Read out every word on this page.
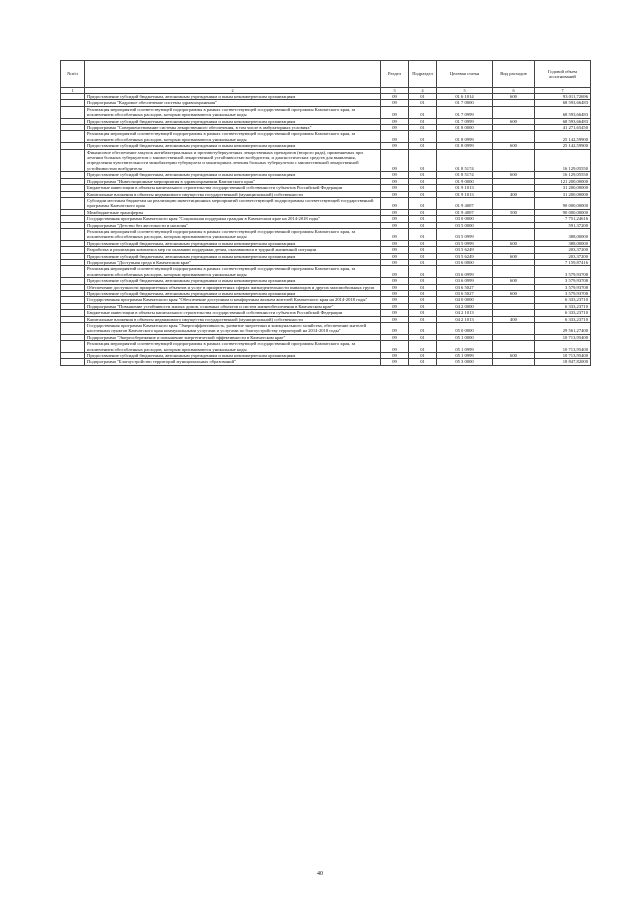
№п/п		Раздел	Подраздел	Целевая статья	Вид расходов	Годовой объем ассигнований
1	2	3	4	5	6	7
	Предоставление субсидий бюджетным, автономным учреждениям и иным некоммерческим организациям	09	01	01 6 1014	600	93 011,72696
	Подпрограмма "Кадровое обеспечение системы здравоохранения"	09	01	01 7 0000		68 593,66483
	Реализация мероприятий соответствующей подпрограммы в рамках соответствующей государственной программы Камчатского края, за исключением обособленных расходов, которым присваиваются уникальные коды	09	01	01 7 0999		68 593,66483
	Предоставление субсидий бюджетным, автономным учреждениям и иным некоммерческим организациям	09	01	01 7 0999	600	68 593,66483
	Подпрограмма "Совершенствование системы лекарственного обеспечения, в том числе в амбулаторных условиях"	09	01	01 8 0000		41 271,65450
	Реализация мероприятий соответствующей подпрограммы в рамках соответствующей государственной программы Камчатского края, за исключением обособленных расходов, которым присваиваются уникальные коды	09	01	01 8 0999		25 142,59900
	Предоставление субсидий бюджетным, автономным учреждениям и иным некоммерческим организациям	09	01	01 8 0999	600	25 142,59900
	Финансовое обеспечение закупок антибактериальных и противотуберкулезных лекарственных препаратов (второго ряда), применяемых при лечении больных туберкулезом с множественной лекарственной устойчивостью возбудителя, и диагностических средств для выявления, определения чувствительности микобактерии туберкулеза и мониторинга лечения больных туберкулезом с множественной лекарственной устойчивостью возбудителя	09	01	01 8 5174		16 129,05550
	Предоставление субсидий бюджетным, автономным учреждениям и иным некоммерческим организациям	09	01	01 8 5174	600	16 129,05550
	Подпрограмма "Инвестиционные мероприятия в здравоохранении Камчатского края"	09	01	01 9 0000		121 200,00000
	Бюджетные инвестиции в объекты капитального строительства государственной собственности субъектов Российской Федерации	09	01	01 9 1013		31 200,00000
	Капитальные вложения в объекты недвижимого имущества государственной (муниципальной) собственности	09	01	01 9 1013	400	31 200,00000
	Субсидии местным бюджетам на реализацию инвестиционных мероприятий соответствующей подпрограммы соответствующей государственной программы Камчатского края	09	01	01 9 4007		90 000,00000
	Межбюджетные трансферты	09	01	01 9 4007	500	90 000,00000
	Государственная программа Камчатского края "Социальная поддержка граждан в Камчатском крае на 2014-2018 годы"	09	01	03 0 0000		7 751,24616
	Подпрограмма "Детство без жестокости и насилия"	09	01	03 5 0000		591,37200
	Реализация мероприятий соответствующей подпрограммы в рамках соответствующей государственной программы Камчатского края, за исключением обособленных расходов, которым присваиваются уникальные коды	09	01	03 5 0999		388,00000
	Предоставление субсидий бюджетным, автономным учреждениям и иным некоммерческим организациям	09	01	03 5 0999	600	388,00000
	Разработка и реализация комплекса мер по оказанию поддержки детям, оказавшимся в трудной жизненной ситуации	09	01	03 5 6249		203,37200
	Предоставление субсидий бюджетным, автономным учреждениям и иным некоммерческим организациям	09	01	03 5 6249	600	203,37200
	Подпрограмма "Доступная среда в Камчатском крае"	09	01	03 6 0000		7 159,87416
	Реализация мероприятий соответствующей подпрограммы в рамках соответствующей государственной программы Камчатского края, за исключением обособленных расходов, которым присваиваются уникальные коды	09	01	03 6 0999		3 579,93708
	Предоставление субсидий бюджетным, автономным учреждениям и иным некоммерческим организациям	09	01	03 6 0999	600	3 579,93708
	Обеспечение доступности приоритетных объектов и услуг в приоритетных сферах жизнедеятельности инвалидов и других маломобильных групп	09	01	03 6 5027		3 579,93708
	Предоставление субсидий бюджетным, автономным учреждениям и иным некоммерческим организациям	09	01	03 6 5027	600	3 579,93708
	Государственная программа Камчатского края "Обеспечение доступным и комфортным жильем жителей Камчатского края на 2014-2018 годы"	09	01	04 0 0000		6 333,23710
	Подпрограмма "Повышение устойчивости жилых домов, основных объектов и систем жизнеобеспечения в Камчатском крае"	09	01	04 2 0000		6 333,23710
	Бюджетные инвестиции в объекты капитального строительства государственной собственности субъектов Российской Федерации	09	01	04 2 1013		6 333,23710
	Капитальные вложения в объекты недвижимого имущества государственной (муниципальной) собственности	09	01	04 2 1013	400	6 333,23710
	Государственная программа Камчатского края "Энергоэффективность, развитие энергетики и коммунального хозяйства, обеспечение жителей населенных пунктов Камчатского края коммунальными услугами и услугами по благоустройству территорий на 2014-2018 годы"	09	01	05 0 0000		29 561,27400
	Подпрограмма "Энергосбережение и повышение энергетической эффективности в Камчатском крае"	09	01	05 1 0000		10 713,95400
	Реализация мероприятий соответствующей подпрограммы в рамках соответствующей государственной программы Камчатского края, за исключением обособленных расходов, которым присваиваются уникальные коды	09	01	05 1 0999		10 713,95400
	Предоставление субсидий бюджетным, автономным учреждениям и иным некоммерческим организациям	09	01	05 1 0999	600	10 713,95400
	Подпрограмма "Благоустройство территорий муниципальных образований"	09	01	05 3 0000		18 847,82000
40
